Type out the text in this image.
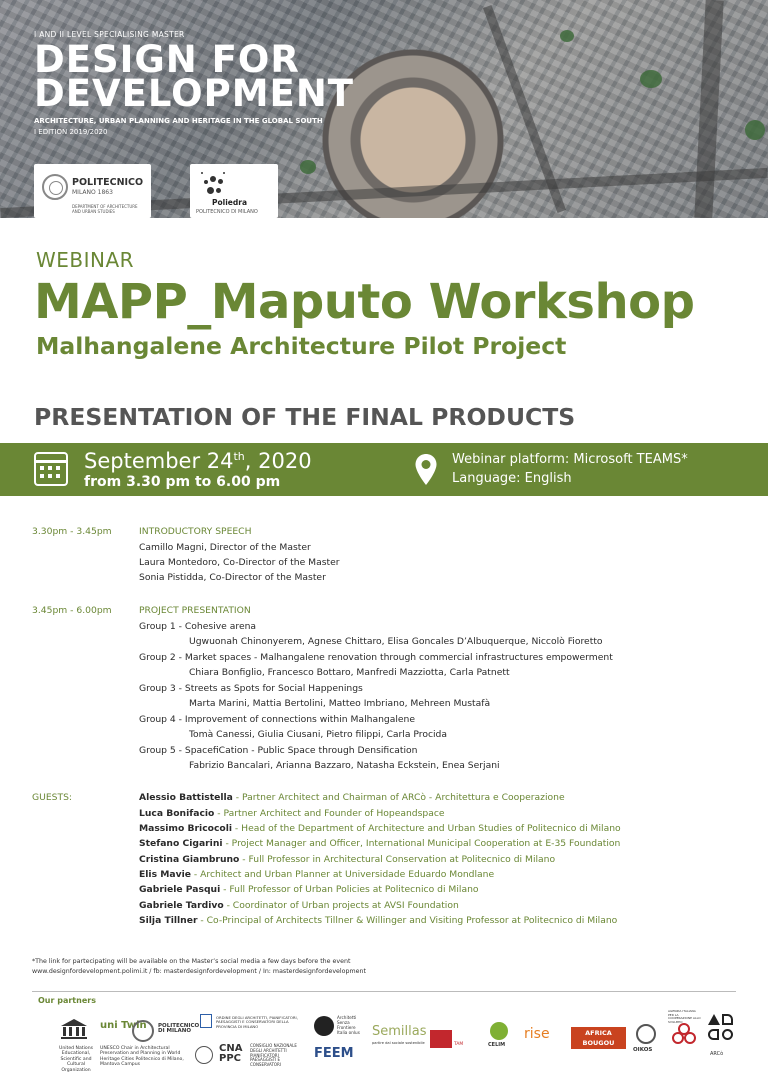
I AND II LEVEL SPECIALISING MASTER
DESIGN FOR
DEVELOPMENT
ARCHITECTURE, URBAN PLANNING AND HERITAGE IN THE GLOBAL SOUTH
I EDITION 2019/2020
POLITECNICO
MILANO 1863
DEPARTMENT OF ARCHITECTURE AND URBAN STUDIES
Poliedra
POLITECNICO DI MILANO
WEBINAR
MAPP_Maputo Workshop
Malhangalene Architecture Pilot Project
PRESENTATION OF THE FINAL PRODUCTS
September 24th, 2020
from 3.30 pm to 6.00 pm
Webinar platform: Microsoft TEAMS*
Language: English
3.30pm - 3.45pm	INTRODUCTORY SPEECH
Camillo Magni, Director of the Master
Laura Montedoro, Co-Director of the Master
Sonia Pistidda, Co-Director of the Master
3.45pm - 6.00pm	PROJECT PRESENTATION
Group 1 - Cohesive arena
Ugwuonah Chinonyerem, Agnese Chittaro, Elisa Goncales D’Albuquerque, Niccolò Fioretto
Group 2 - Market spaces - Malhangalene renovation through commercial infrastructures empowerment
Chiara Bonfiglio, Francesco Bottaro, Manfredi Mazziotta, Carla Patnett
Group 3 - Streets as Spots for Social Happenings
Marta Marini, Mattia Bertolini, Matteo Imbriano, Mehreen Mustafà
Group 4 - Improvement of connections within Malhangalene
Tomà Canessi, Giulia Ciusani, Pietro filippi, Carla Procida
Group 5 - SpacefiCation - Public Space through Densification
Fabrizio Bancalari, Arianna Bazzaro, Natasha Eckstein, Enea Serjani
GUESTS:	Alessio Battistella - Partner Architect and Chairman of ARCò - Architettura e Cooperazione
Luca Bonifacio - Partner Architect and Founder of Hopeandspace
Massimo Bricocoli - Head of the Department of Architecture and Urban Studies of Politecnico di Milano
Stefano Cigarini - Project Manager and Officer, International Municipal Cooperation at E-35 Foundation
Cristina Giambruno - Full Professor in Architectural Conservation at Politecnico di Milano
Elis Mavie - Architect and Urban Planner at Universidade Eduardo Mondlane
Gabriele Pasqui - Full Professor of Urban Policies at Politecnico di Milano
Gabriele Tardivo - Coordinator of Urban projects at AVSI Foundation
Silja Tillner - Co-Principal of Architects Tillner & Willinger and Visiting Professor at Politecnico di Milano
*The link for partecipating will be available on the Master’s social media a few days before the event
www.designfordevelopment.polimi.it / fb: masterdesignfordevelopment / In: masterdesignfordevelopment
Our partners
United Nations Educational, Scientific and Cultural Organization
uni Twin
UNESCO Chair in Architectural Preservation and Planning in World Heritage Cities Politecnico di Milano, Mantova Campus
POLITECNICO DI MILANO
ORDINE DEGLI ARCHITETTI, PIANIFICATORI, PAESAGGISTI E CONSERVATORI DELLA PROVINCIA DI MILANO
CNA PPC
CONSIGLIO NAZIONALE DEGLI ARCHITETTI PIANIFICATORI PAESAGGISTI E CONSERVATORI
Architetti Senza Frontiere Italia onlus
FEEM
Semillas
partire dal sociale sostenibile	TAM	CELIM
rise	AFRICA BOUGOU
OIKOS
AGENZIA ITALIANA PER LA COOPERAZIONE ALLO SVILUPPO
ARCò
